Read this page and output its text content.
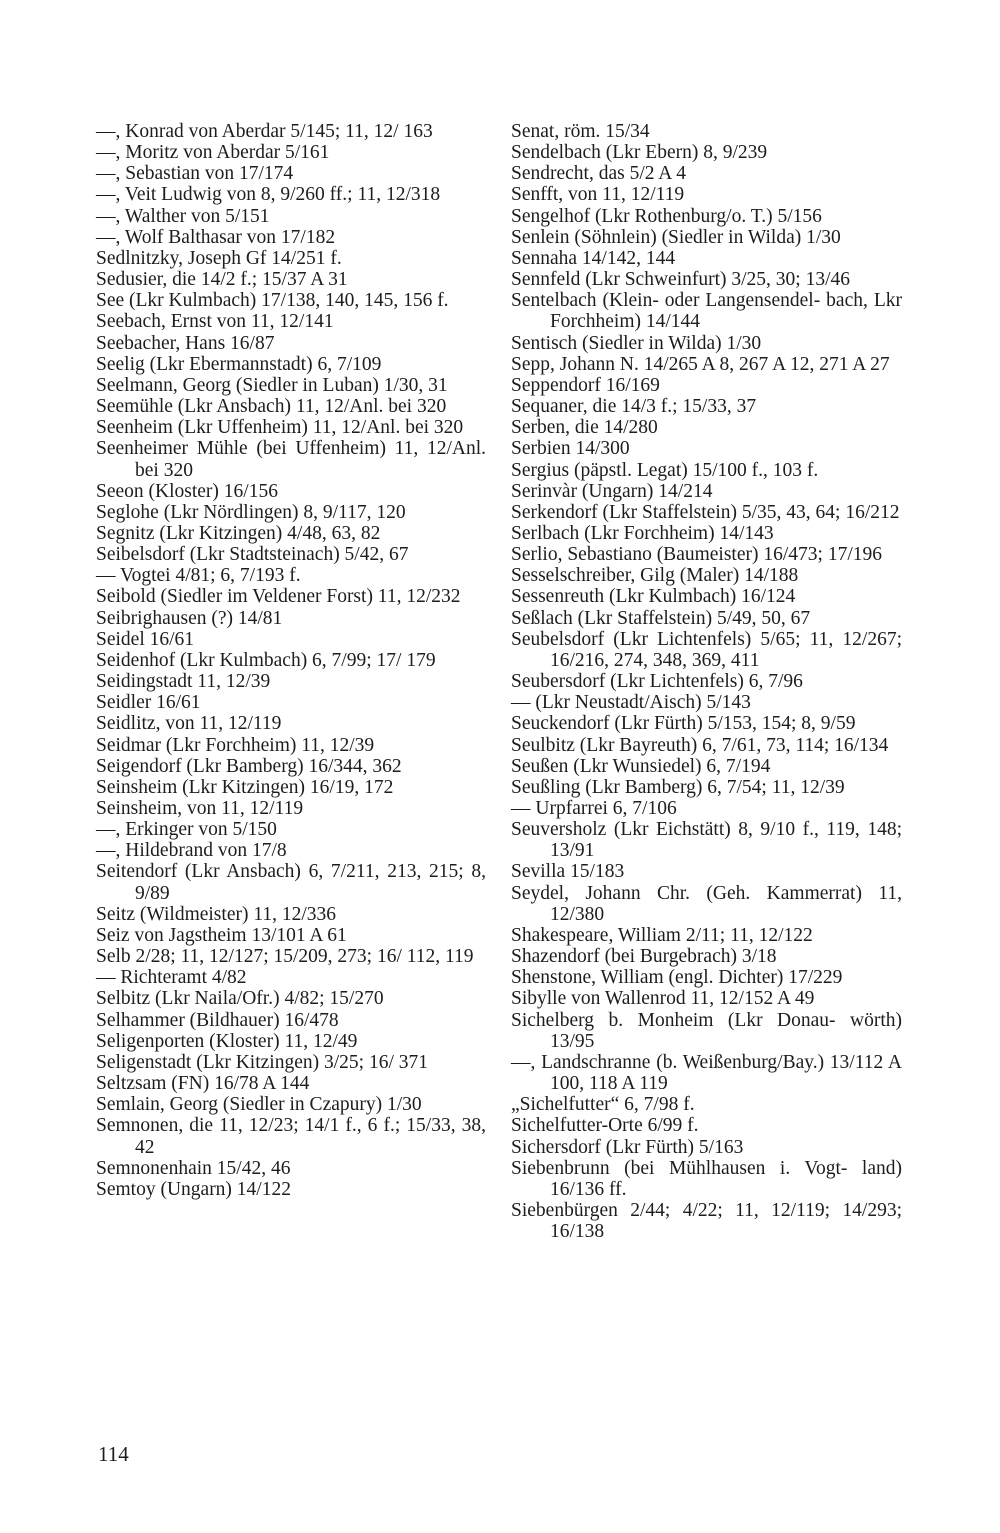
—, Konrad von Aberdar 5/145; 11, 12/ 163
—, Moritz von Aberdar 5/161
—, Sebastian von 17/174
—, Veit Ludwig von 8, 9/260 ff.; 11, 12/318
—, Walther von 5/151
—, Wolf Balthasar von 17/182
Sedlnitzky, Joseph Gf 14/251 f.
Sedusier, die 14/2 f.; 15/37 A 31
See (Lkr Kulmbach) 17/138, 140, 145, 156 f.
Seebach, Ernst von 11, 12/141
Seebacher, Hans 16/87
Seelig (Lkr Ebermannstadt) 6, 7/109
Seelmann, Georg (Siedler in Luban) 1/30, 31
Seemühle (Lkr Ansbach) 11, 12/Anl. bei 320
Seenheim (Lkr Uffenheim) 11, 12/Anl. bei 320
Seenheimer Mühle (bei Uffenheim) 11, 12/Anl. bei 320
Seeon (Kloster) 16/156
Seglohe (Lkr Nördlingen) 8, 9/117, 120
Segnitz (Lkr Kitzingen) 4/48, 63, 82
Seibelsdorf (Lkr Stadtsteinach) 5/42, 67
— Vogtei 4/81; 6, 7/193 f.
Seibold (Siedler im Veldener Forst) 11, 12/232
Seibrighausen (?) 14/81
Seidel 16/61
Seidenhof (Lkr Kulmbach) 6, 7/99; 17/ 179
Seidingstadt 11, 12/39
Seidler 16/61
Seidlitz, von 11, 12/119
Seidmar (Lkr Forchheim) 11, 12/39
Seigendorf (Lkr Bamberg) 16/344, 362
Seinsheim (Lkr Kitzingen) 16/19, 172
Seinsheim, von 11, 12/119
—, Erkinger von 5/150
—, Hildebrand von 17/8
Seitendorf (Lkr Ansbach) 6, 7/211, 213, 215; 8, 9/89
Seitz (Wildmeister) 11, 12/336
Seiz von Jagstheim 13/101 A 61
Selb 2/28; 11, 12/127; 15/209, 273; 16/ 112, 119
— Richteramt 4/82
Selbitz (Lkr Naila/Ofr.) 4/82; 15/270
Selhammer (Bildhauer) 16/478
Seligenporten (Kloster) 11, 12/49
Seligenstadt (Lkr Kitzingen) 3/25; 16/ 371
Seltzsam (FN) 16/78 A 144
Semlain, Georg (Siedler in Czapury) 1/30
Semnonen, die 11, 12/23; 14/1 f., 6 f.; 15/33, 38, 42
Semnonenhain 15/42, 46
Semtoy (Ungarn) 14/122
Senat, röm. 15/34
Sendelbach (Lkr Ebern) 8, 9/239
Sendrecht, das 5/2 A 4
Senfft, von 11, 12/119
Sengelhof (Lkr Rothenburg/o. T.) 5/156
Senlein (Söhnlein) (Siedler in Wilda) 1/30
Sennaha 14/142, 144
Sennfeld (Lkr Schweinfurt) 3/25, 30; 13/46
Sentelbach (Klein- oder Langensendel- bach, Lkr Forchheim) 14/144
Sentisch (Siedler in Wilda) 1/30
Sepp, Johann N. 14/265 A 8, 267 A 12, 271 A 27
Seppendorf 16/169
Sequaner, die 14/3 f.; 15/33, 37
Serben, die 14/280
Serbien 14/300
Sergius (päpstl. Legat) 15/100 f., 103 f.
Serinvàr (Ungarn) 14/214
Serkendorf (Lkr Staffelstein) 5/35, 43, 64; 16/212
Serlbach (Lkr Forchheim) 14/143
Serlio, Sebastiano (Baumeister) 16/473; 17/196
Sesselschreiber, Gilg (Maler) 14/188
Sessenreuth (Lkr Kulmbach) 16/124
Seßlach (Lkr Staffelstein) 5/49, 50, 67
Seubelsdorf (Lkr Lichtenfels) 5/65; 11, 12/267; 16/216, 274, 348, 369, 411
Seubersdorf (Lkr Lichtenfels) 6, 7/96
— (Lkr Neustadt/Aisch) 5/143
Seuckendorf (Lkr Fürth) 5/153, 154; 8, 9/59
Seulbitz (Lkr Bayreuth) 6, 7/61, 73, 114; 16/134
Seußen (Lkr Wunsiedel) 6, 7/194
Seußling (Lkr Bamberg) 6, 7/54; 11, 12/39
— Urpfarrei 6, 7/106
Seuversholz (Lkr Eichstätt) 8, 9/10 f., 119, 148; 13/91
Sevilla 15/183
Seydel, Johann Chr. (Geh. Kammerrat) 11, 12/380
Shakespeare, William 2/11; 11, 12/122
Shazendorf (bei Burgebrach) 3/18
Shenstone, William (engl. Dichter) 17/229
Sibylle von Wallenrod 11, 12/152 A 49
Sichelberg b. Monheim (Lkr Donau- wörth) 13/95
—, Landschranne (b. Weißenburg/Bay.) 13/112 A 100, 118 A 119
„Sichelfutter“ 6, 7/98 f.
Sichelfutter-Orte 6/99 f.
Sichersdorf (Lkr Fürth) 5/163
Siebenbrunn (bei Mühlhausen i. Vogt- land) 16/136 ff.
Siebenbürgen 2/44; 4/22; 11, 12/119; 14/293; 16/138
114
